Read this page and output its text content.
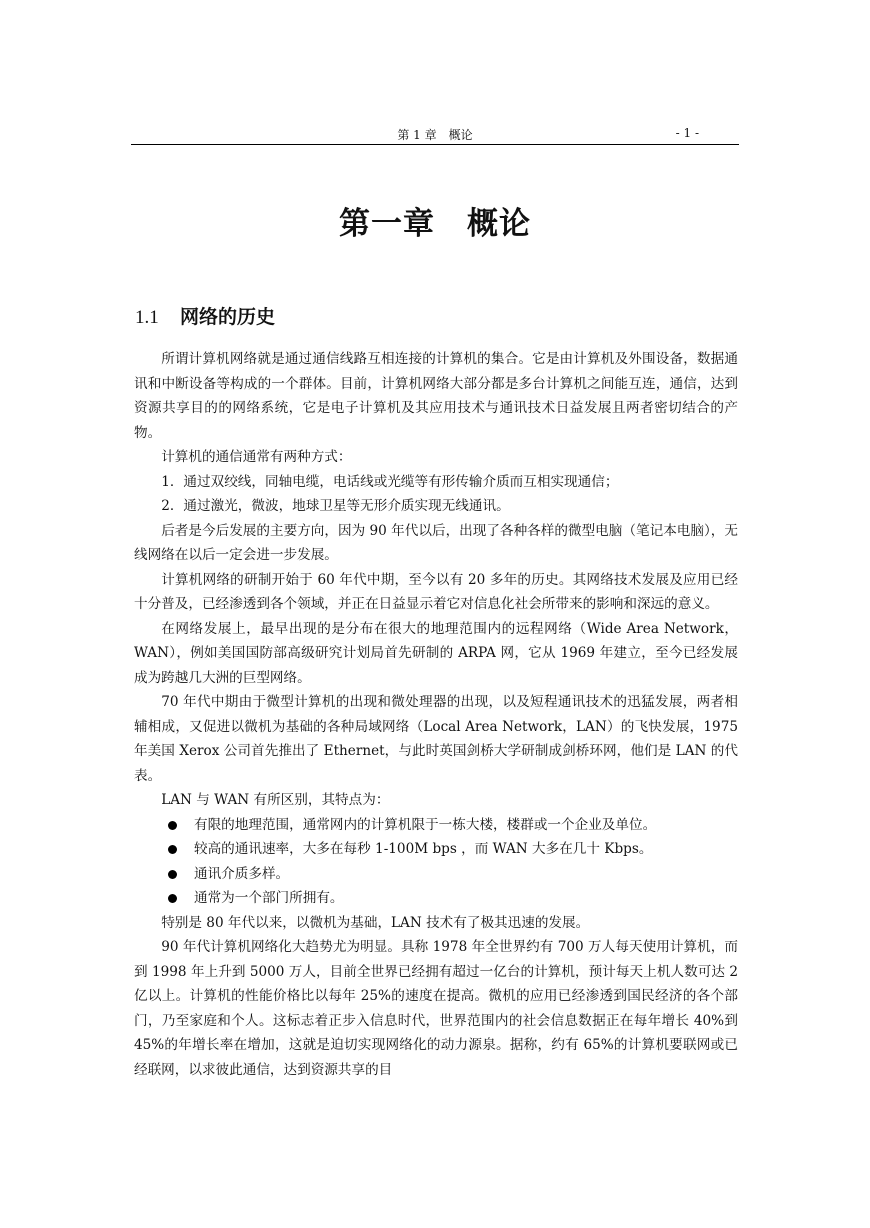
第 1 章　概论	- 1 -
第一章　概论
1.1 网络的历史

所谓计算机网络就是通过通信线路互相连接的计算机的集合。它是由计算机及外围设备，数据通讯和中断设备等构成的一个群体。目前，计算机网络大部分都是多台计算机之间能互连，通信，达到资源共享目的的网络系统，它是电子计算机及其应用技术与通讯技术日益发展且两者密切结合的产物。

计算机的通信通常有两种方式：

1．通过双绞线，同轴电缆，电话线或光缆等有形传输介质而互相实现通信；

2．通过激光，微波，地球卫星等无形介质实现无线通讯。

后者是今后发展的主要方向，因为 90 年代以后，出现了各种各样的微型电脑（笔记本电脑），无线网络在以后一定会进一步发展。

计算机网络的研制开始于 60 年代中期，至今以有 20 多年的历史。其网络技术发展及应用已经十分普及，已经渗透到各个领域，并正在日益显示着它对信息化社会所带来的影响和深远的意义。

在网络发展上，最早出现的是分布在很大的地理范围内的远程网络（Wide Area Network，WAN），例如美国国防部高级研究计划局首先研制的 ARPA 网，它从 1969 年建立，至今已经发展成为跨越几大洲的巨型网络。

70 年代中期由于微型计算机的出现和微处理器的出现，以及短程通讯技术的迅猛发展，两者相辅相成，又促进以微机为基础的各种局域网络（Local Area Network，LAN）的飞快发展，1975 年美国 Xerox 公司首先推出了 Ethernet，与此时英国剑桥大学研制成剑桥环网，他们是 LAN 的代表。

LAN 与 WAN 有所区别，其特点为：

有限的地理范围，通常网内的计算机限于一栋大楼，楼群或一个企业及单位。
较高的通讯速率，大多在每秒 1-100M bps ，而 WAN 大多在几十 Kbps。
通讯介质多样。
通常为一个部门所拥有。

特别是 80 年代以来，以微机为基础，LAN 技术有了极其迅速的发展。

90 年代计算机网络化大趋势尤为明显。具称 1978 年全世界约有 700 万人每天使用计算机，而到 1998 年上升到 5000 万人，目前全世界已经拥有超过一亿台的计算机，预计每天上机人数可达 2 亿以上。计算机的性能价格比以每年 25%的速度在提高。微机的应用已经渗透到国民经济的各个部门，乃至家庭和个人。这标志着正步入信息时代，世界范围内的社会信息数据正在每年增长 40%到 45%的年增长率在增加，这就是迫切实现网络化的动力源泉。据称，约有 65%的计算机要联网或已经联网，以求彼此通信，达到资源共享的目
